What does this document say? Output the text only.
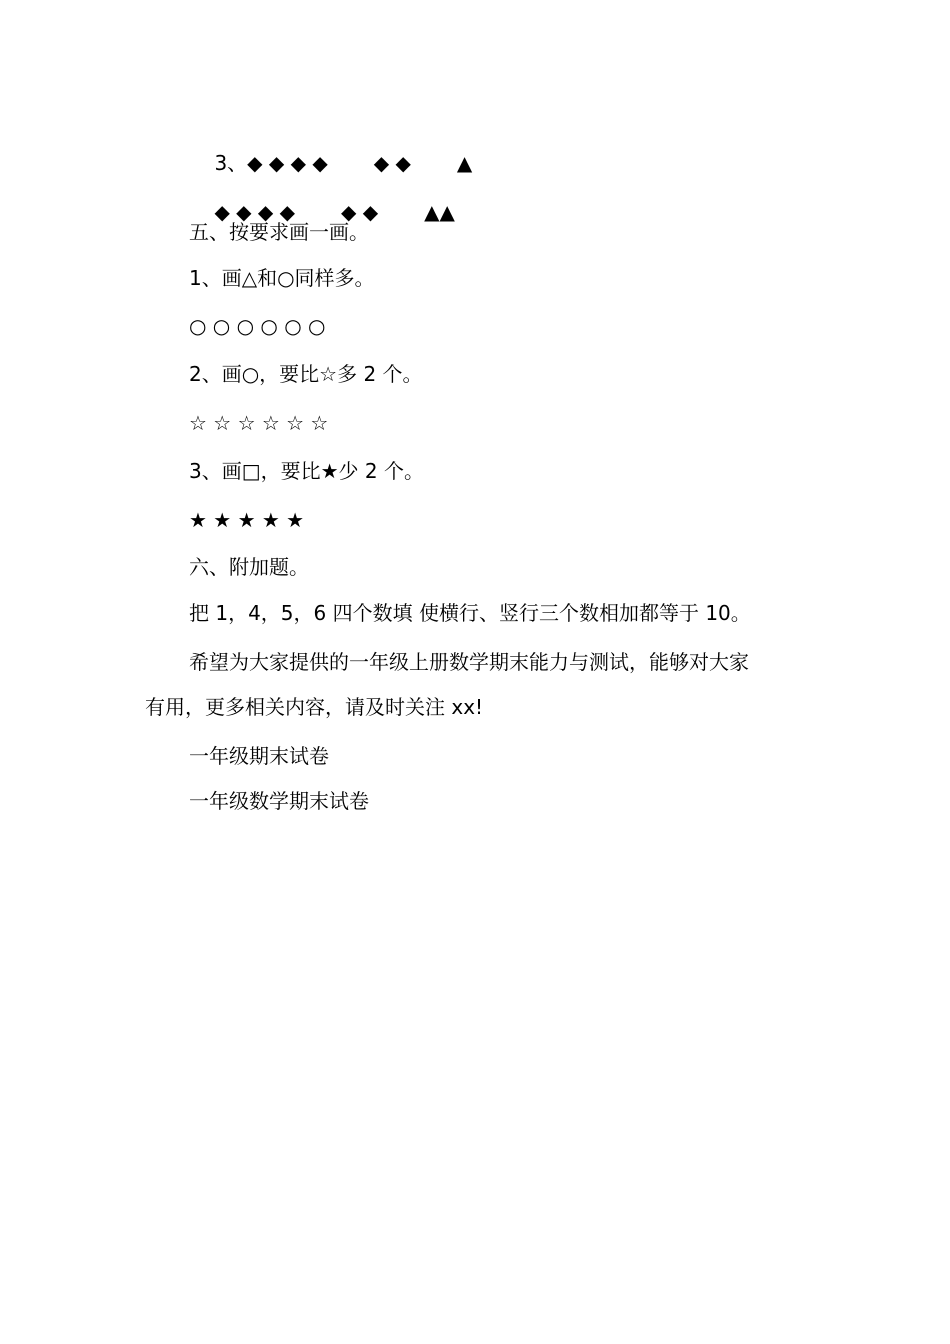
3、◆ ◆ ◆ ◆ ◆ ◆ ▲

◆ ◆ ◆ ◆ ◆ ◆ ▲▲

五、按要求画一画。
1、画△和○同样多。
○ ○ ○ ○ ○ ○
2、画○，要比☆多 2 个。
☆ ☆ ☆ ☆ ☆ ☆
3、画□，要比★少 2 个。
★ ★ ★ ★ ★
六、附加题。
把 1，4，5，6 四个数填 使横行、竖行三个数相加都等于 10。
希望为大家提供的一年级上册数学期末能力与测试，能够对大家
有用，更多相关内容，请及时关注 xx!
一年级期末试卷
一年级数学期末试卷
